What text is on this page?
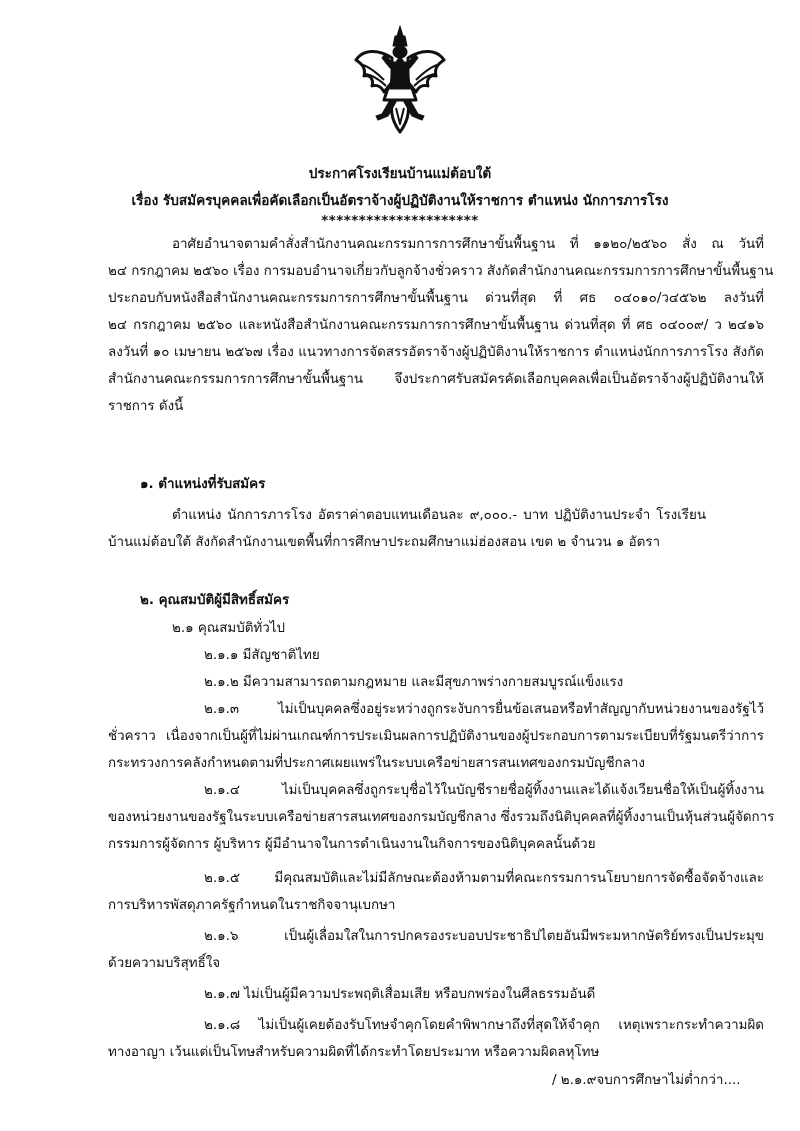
ประกาศโรงเรียนบ้านแม่ต้อบใต้
เรื่อง รับสมัครบุคคลเพื่อคัดเลือกเป็นอัตราจ้างผู้ปฏิบัติงานให้ราชการ ตำแหน่ง นักการภารโรง
*********************
อาศัยอำนาจตามคำสั่งสำนักงานคณะกรรมการการศึกษาขั้นพื้นฐาน ที่ ๑๑๒๐/๒๕๖๐ สั่ง ณ วันที่
๒๔ กรกฎาคม ๒๕๖๐ เรื่อง การมอบอำนาจเกี่ยวกับลูกจ้างชั่วคราว สังกัดสำนักงานคณะกรรมการการศึกษาขั้นพื้นฐาน
ประกอบกับหนังสือสำนักงานคณะกรรมการการศึกษาขั้นพื้นฐาน ด่วนที่สุด ที่ ศธ ๐๔๐๑๐/ว๔๕๖๒ ลงวันที่
๒๔ กรกฎาคม ๒๕๖๐ และหนังสือสำนักงานคณะกรรมการการศึกษาขั้นพื้นฐาน ด่วนที่สุด ที่ ศธ ๐๔๐๐๙/ ว ๒๔๑๖
ลงวันที่ ๑๐ เมษายน ๒๕๖๗ เรื่อง แนวทางการจัดสรรอัตราจ้างผู้ปฏิบัติงานให้ราชการ ตำแหน่งนักการภารโรง สังกัด
สำนักงานคณะกรรมการการศึกษาขั้นพื้นฐาน จึงประกาศรับสมัครคัดเลือกบุคคลเพื่อเป็นอัตราจ้างผู้ปฏิบัติงานให้
ราชการ ดังนี้
๑. ตำแหน่งที่รับสมัคร
ตำแหน่ง นักการภารโรง อัตราค่าตอบแทนเดือนละ ๙,๐๐๐.- บาท ปฏิบัติงานประจำ โรงเรียน
บ้านแม่ต้อบใต้ สังกัดสำนักงานเขตพื้นที่การศึกษาประถมศึกษาแม่ฮ่องสอน เขต ๒ จำนวน ๑ อัตรา
๒. คุณสมบัติผู้มีสิทธิ์สมัคร
๒.๑ คุณสมบัติทั่วไป
๒.๑.๑ มีสัญชาติไทย
๒.๑.๒ มีความสามารถตามกฎหมาย และมีสุขภาพร่างกายสมบูรณ์แข็งแรง
๒.๑.๓ ไม่เป็นบุคคลซึ่งอยู่ระหว่างถูกระงับการยื่นข้อเสนอหรือทำสัญญากับหน่วยงานของรัฐไว้
ชั่วคราว เนื่องจากเป็นผู้ที่ไม่ผ่านเกณฑ์การประเมินผลการปฏิบัติงานของผู้ประกอบการตามระเบียบที่รัฐมนตรีว่าการ
กระทรวงการคลังกำหนดตามที่ประกาศเผยแพร่ในระบบเครือข่ายสารสนเทศของกรมบัญชีกลาง
๒.๑.๔ ไม่เป็นบุคคลซึ่งถูกระบุชื่อไว้ในบัญชีรายชื่อผู้ทิ้งงานและได้แจ้งเวียนชื่อให้เป็นผู้ทิ้งงาน
ของหน่วยงานของรัฐในระบบเครือข่ายสารสนเทศของกรมบัญชีกลาง ซึ่งรวมถึงนิติบุคคลที่ผู้ทิ้งงานเป็นหุ้นส่วนผู้จัดการ
กรรมการผู้จัดการ ผู้บริหาร ผู้มีอำนาจในการดำเนินงานในกิจการของนิติบุคคลนั้นด้วย
๒.๑.๕ มีคุณสมบัติและไม่มีลักษณะต้องห้ามตามที่คณะกรรมการนโยบายการจัดซื้อจัดจ้างและ
การบริหารพัสดุภาครัฐกำหนดในราชกิจจานุเบกษา
๒.๑.๖ เป็นผู้เลื่อมใสในการปกครองระบอบประชาธิปไตยอันมีพระมหากษัตริย์ทรงเป็นประมุข
ด้วยความบริสุทธิ์ใจ
๒.๑.๗ ไม่เป็นผู้มีความประพฤติเสื่อมเสีย หรือบกพร่องในศีลธรรมอันดี
๒.๑.๘ ไม่เป็นผู้เคยต้องรับโทษจำคุกโดยคำพิพากษาถึงที่สุดให้จำคุก เหตุเพราะกระทำความผิด
ทางอาญา เว้นแต่เป็นโทษสำหรับความผิดที่ได้กระทำโดยประมาท หรือความผิดลหุโทษ
/ ๒.๑.๙จบการศึกษาไม่ต่ำกว่า....
